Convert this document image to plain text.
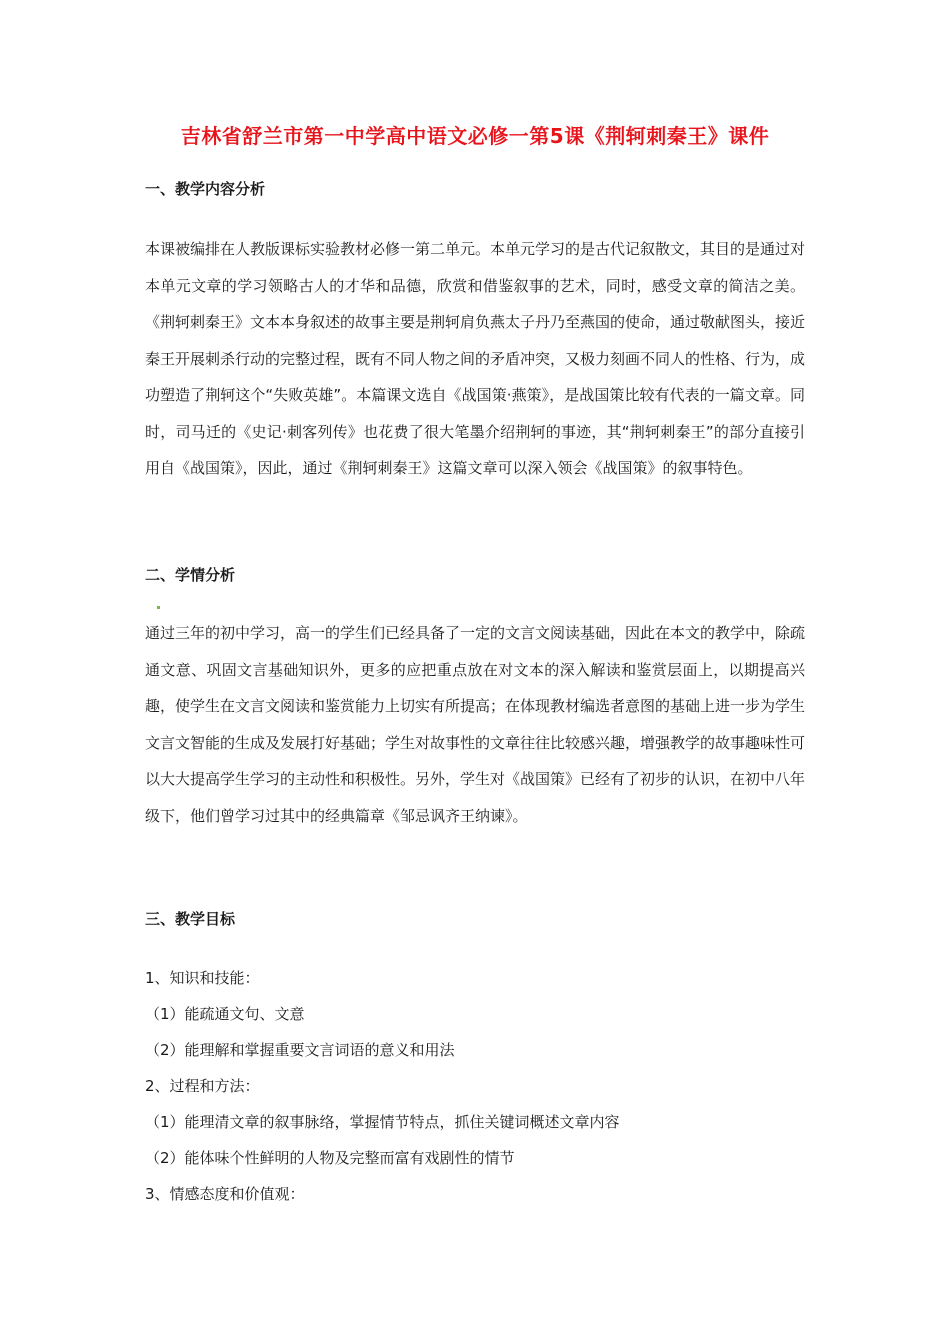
吉林省舒兰市第一中学高中语文必修一第5课《荆轲刺秦王》课件
一、教学内容分析
本课被编排在人教版课标实验教材必修一第二单元。本单元学习的是古代记叙散文，其目的是通过对本单元文章的学习领略古人的才华和品德，欣赏和借鉴叙事的艺术，同时，感受文章的简洁之美。《荆轲刺秦王》文本本身叙述的故事主要是荆轲肩负燕太子丹乃至燕国的使命，通过敬献图头，接近秦王开展刺杀行动的完整过程，既有不同人物之间的矛盾冲突，又极力刻画不同人的性格、行为，成功塑造了荆轲这个“失败英雄”。本篇课文选自《战国策·燕策》，是战国策比较有代表的一篇文章。同时，司马迁的《史记·刺客列传》也花费了很大笔墨介绍荆轲的事迹，其“荆轲刺秦王”的部分直接引用自《战国策》，因此，通过《荆轲刺秦王》这篇文章可以深入领会《战国策》的叙事特色。
二、学情分析
通过三年的初中学习，高一的学生们已经具备了一定的文言文阅读基础，因此在本文的教学中，除疏通文意、巩固文言基础知识外，更多的应把重点放在对文本的深入解读和鉴赏层面上，以期提高兴趣，使学生在文言文阅读和鉴赏能力上切实有所提高；在体现教材编选者意图的基础上进一步为学生文言文智能的生成及发展打好基础；学生对故事性的文章往往比较感兴趣，增强教学的故事趣味性可以大大提高学生学习的主动性和积极性。另外，学生对《战国策》已经有了初步的认识，在初中八年级下，他们曾学习过其中的经典篇章《邹忌讽齐王纳谏》。
三、教学目标
1、知识和技能：
（1）能疏通文句、文意
（2）能理解和掌握重要文言词语的意义和用法
2、过程和方法：
（1）能理清文章的叙事脉络，掌握情节特点，抓住关键词概述文章内容
（2）能体味个性鲜明的人物及完整而富有戏剧性的情节
3、情感态度和价值观：
